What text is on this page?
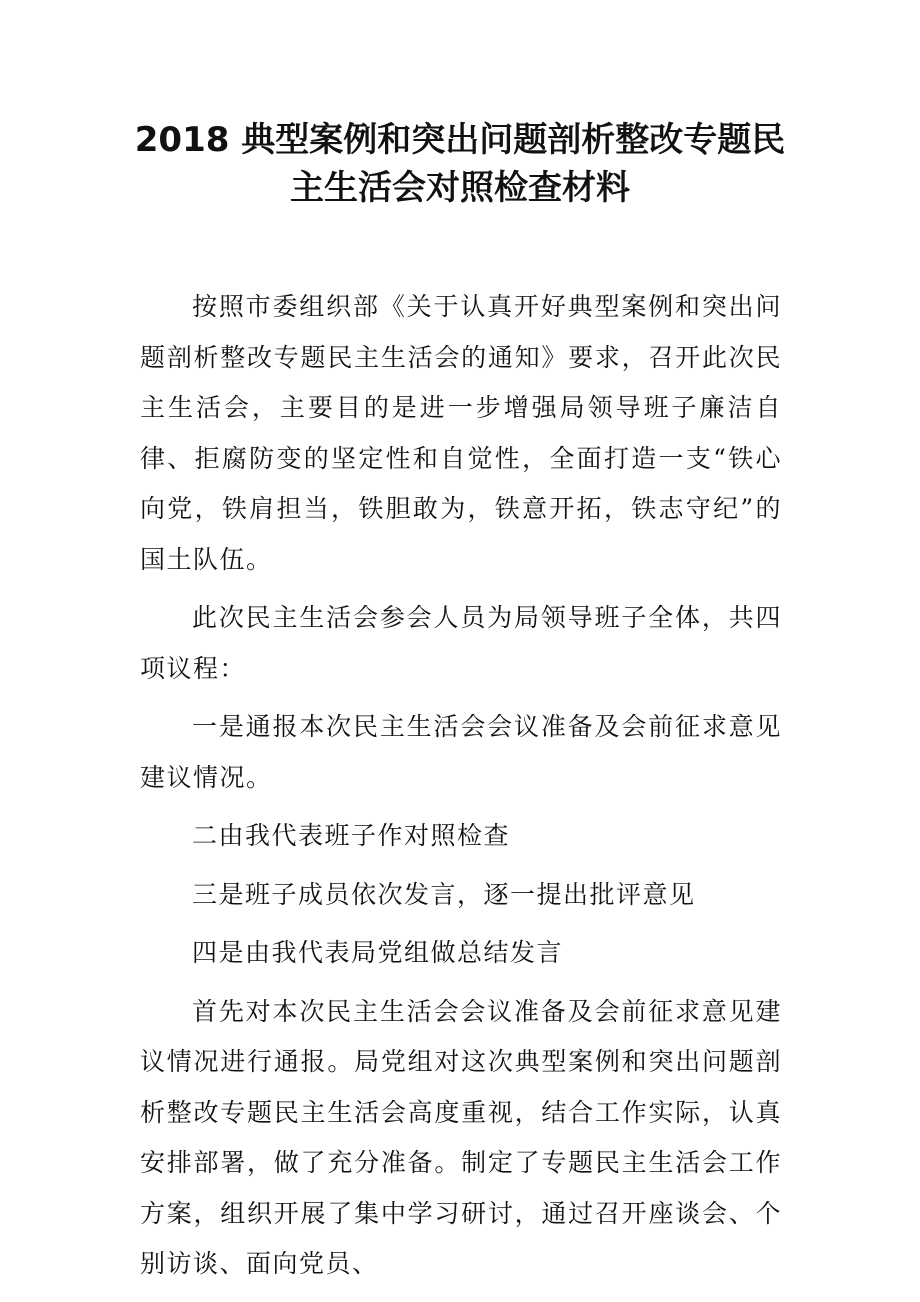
2018 典型案例和突出问题剖析整改专题民
主生活会对照检查材料

按照市委组织部《关于认真开好典型案例和突出问题剖析整改专题民主生活会的通知》要求，召开此次民主生活会，主要目的是进一步增强局领导班子廉洁自律、拒腐防变的坚定性和自觉性，全面打造一支“铁心向党，铁肩担当，铁胆敢为，铁意开拓，铁志守纪”的国土队伍。

此次民主生活会参会人员为局领导班子全体，共四项议程：

一是通报本次民主生活会会议准备及会前征求意见建议情况。

二由我代表班子作对照检查

三是班子成员依次发言，逐一提出批评意见

四是由我代表局党组做总结发言

首先对本次民主生活会会议准备及会前征求意见建议情况进行通报。局党组对这次典型案例和突出问题剖析整改专题民主生活会高度重视，结合工作实际，认真安排部署，做了充分准备。制定了专题民主生活会工作方案，组织开展了集中学习研讨，通过召开座谈会、个别访谈、面向党员、
